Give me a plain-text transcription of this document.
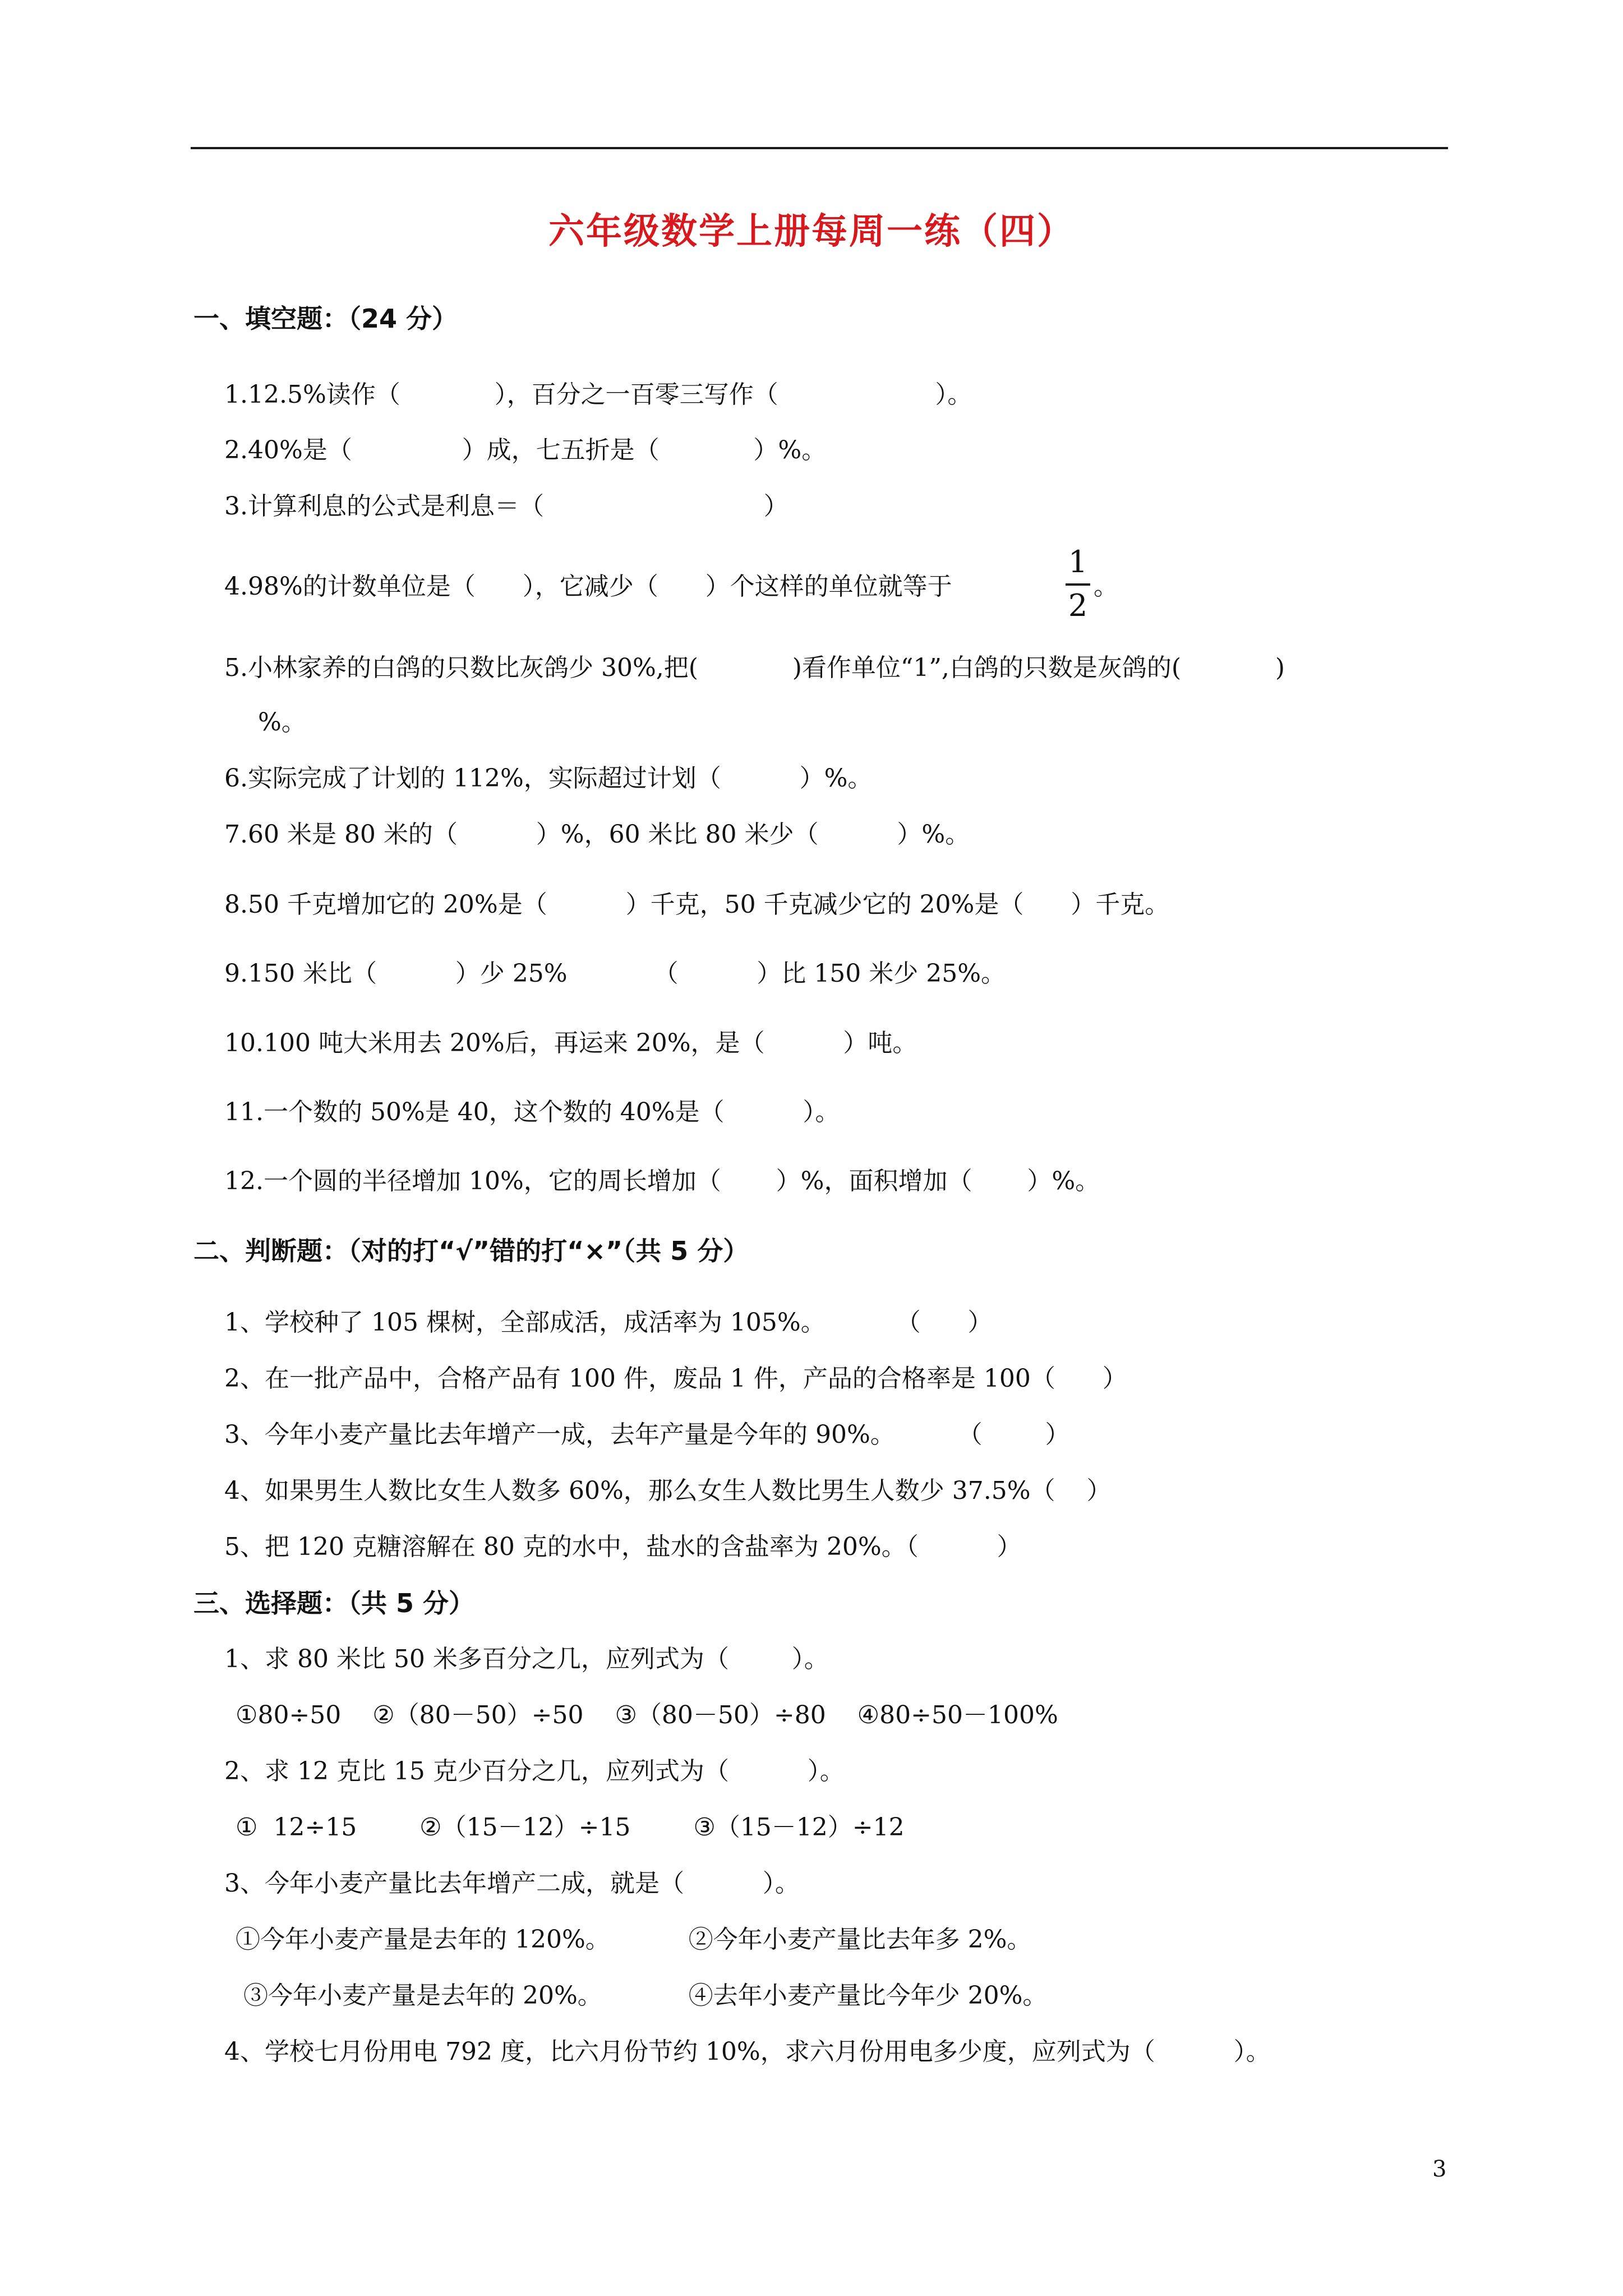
六年级数学上册每周一练（四）
一、填空题：（24 分）
1.12.5%读作（            ），百分之一百零三写作（                    ）。
2.40%是（              ）成，七五折是（            ）%。
3.计算利息的公式是利息＝（                            ）
4.98%的计数单位是（      ），它减少（      ）个这样的单位就等于
1
2
。
5.小林家养的白鸽的只数比灰鸽少 30%,把(            )看作单位“1”,白鸽的只数是灰鸽的(            )
%。
6.实际完成了计划的 112%，实际超过计划（          ）%。
7.60 米是 80 米的（          ）%，60 米比 80 米少（          ）%。
8.50 千克增加它的 20%是（          ）千克，50 千克减少它的 20%是（      ）千克。
9.150 米比（          ）少 25%           （          ）比 150 米少 25%。
10.100 吨大米用去 20%后，再运来 20%，是（          ）吨。
11.一个数的 50%是 40，这个数的 40%是（          ）。
12.一个圆的半径增加 10%，它的周长增加（       ）%，面积增加（       ）%。
二、判断题：（对的打“√”错的打“×”（共 5 分）
1、学校种了 105 棵树，全部成活，成活率为 105%。         （      ）
2、在一批产品中，合格产品有 100 件，废品 1 件，产品的合格率是 100（      ）
3、今年小麦产量比去年增产一成，去年产量是今年的 90%。        （        ）
4、如果男生人数比女生人数多 60%，那么女生人数比男生人数少 37.5%（    ）
5、把 120 克糖溶解在 80 克的水中，盐水的含盐率为 20%。（          ）
三、选择题：（共 5 分）
1、求 80 米比 50 米多百分之几，应列式为（        ）。
①80÷50    ②（80－50）÷50    ③（80－50）÷80    ④80÷50－100%
2、求 12 克比 15 克少百分之几，应列式为（          ）。
①  12÷15        ②（15－12）÷15        ③（15－12）÷12
3、今年小麦产量比去年增产二成，就是（          ）。
①今年小麦产量是去年的 120%。          ②今年小麦产量比去年多 2%。
③今年小麦产量是去年的 20%。           ④去年小麦产量比今年少 20%。
4、学校七月份用电 792 度，比六月份节约 10%，求六月份用电多少度，应列式为（          ）。
3
